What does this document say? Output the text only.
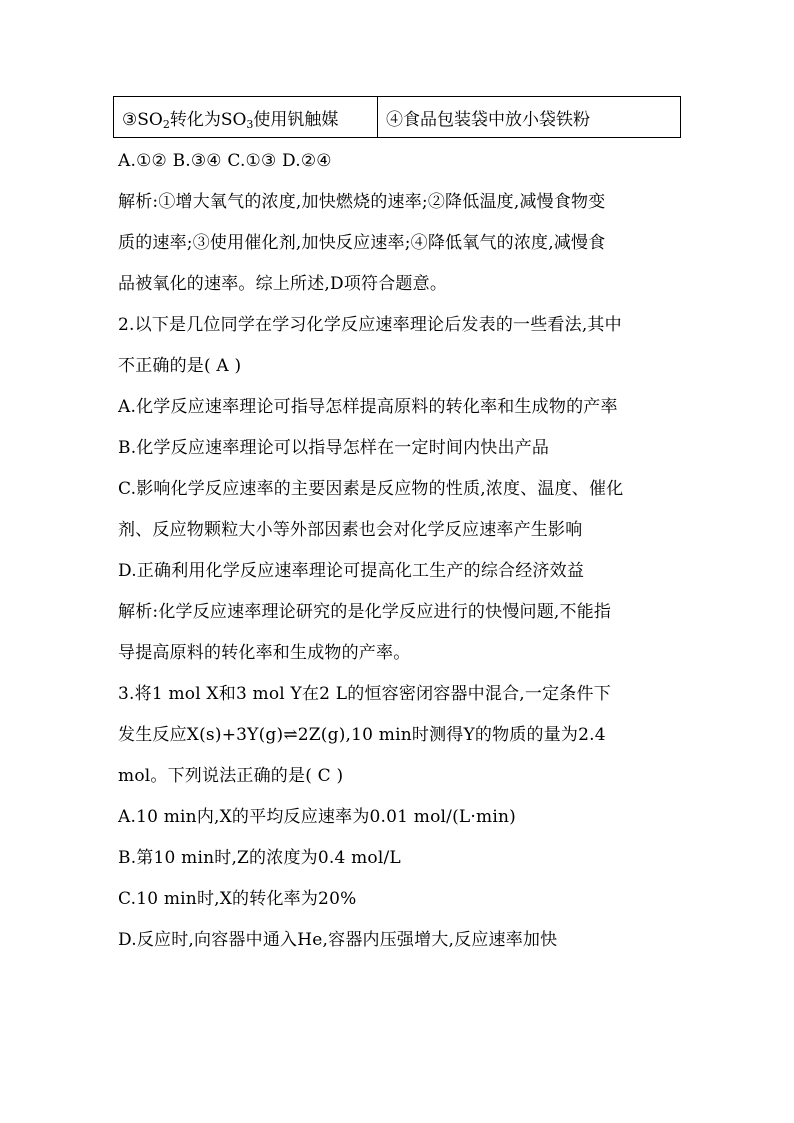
$③SO_2$转化为$SO_3$使用钒触媒	④食品包装袋中放小袋铁粉
A.①② B.③④ C.①③ D.②④
解析:①增大氧气的浓度,加快燃烧的速率;②降低温度,减慢食物变
质的速率;③使用催化剂,加快反应速率;④降低氧气的浓度,减慢食
品被氧化的速率。综上所述,D项符合题意。
2.以下是几位同学在学习化学反应速率理论后发表的一些看法,其中
不正确的是( A )
A.化学反应速率理论可指导怎样提高原料的转化率和生成物的产率
B.化学反应速率理论可以指导怎样在一定时间内快出产品
C.影响化学反应速率的主要因素是反应物的性质,浓度、温度、催化
剂、反应物颗粒大小等外部因素也会对化学反应速率产生影响
D.正确利用化学反应速率理论可提高化工生产的综合经济效益
解析:化学反应速率理论研究的是化学反应进行的快慢问题,不能指
导提高原料的转化率和生成物的产率。
3.将1 mol X和3 mol Y在2 L的恒容密闭容器中混合,一定条件下
发生反应X(s)+3Y(g)⇌2Z(g),10 min时测得Y的物质的量为2.4
mol。下列说法正确的是( C )
A.10 min内,X的平均反应速率为0.01 mol/(L·min)
B.第10 min时,Z的浓度为0.4 mol/L
C.10 min时,X的转化率为20%
D.反应时,向容器中通入He,容器内压强增大,反应速率加快
